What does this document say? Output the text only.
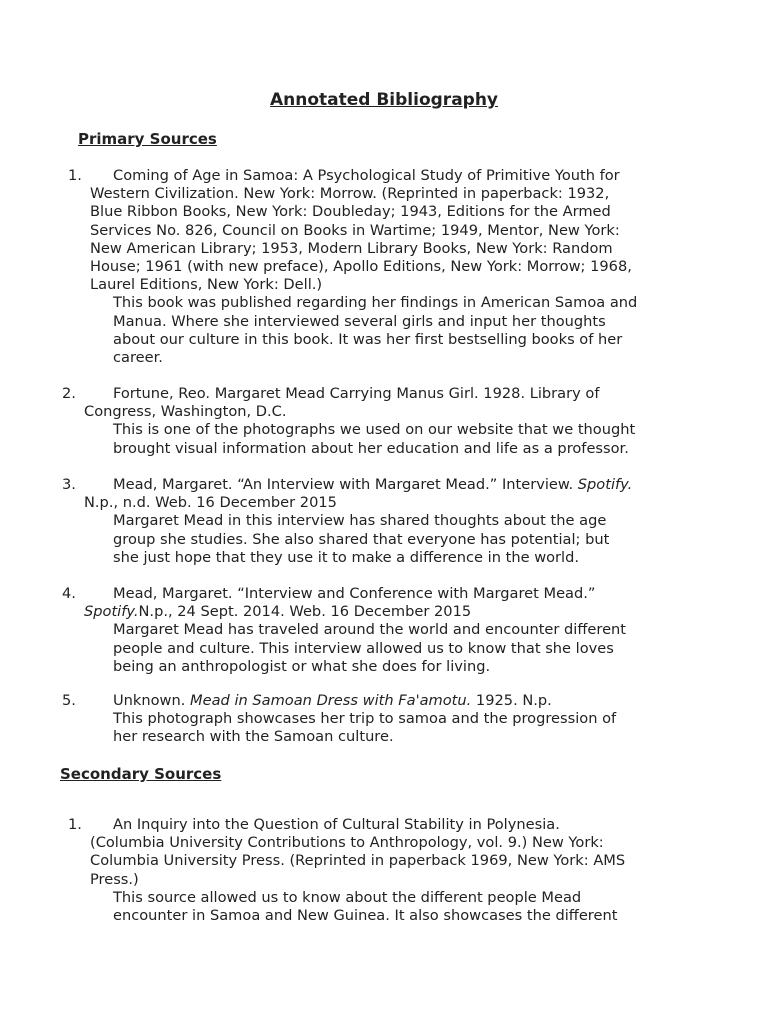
Annotated Bibliography
Primary Sources
1.	Coming of Age in Samoa: A Psychological Study of Primitive Youth for
Western Civilization. New York: Morrow. (Reprinted in paperback: 1932,
Blue Ribbon Books, New York: Doubleday; 1943, Editions for the Armed
Services No. 826, Council on Books in Wartime; 1949, Mentor, New York:
New American Library; 1953, Modern Library Books, New York: Random
House; 1961 (with new preface), Apollo Editions, New York: Morrow; 1968,
Laurel Editions, New York: Dell.)
This book was published regarding her findings in American Samoa and
Manua. Where she interviewed several girls and input her thoughts
about our culture in this book. It was her first bestselling books of her
career.
2.	Fortune, Reo. Margaret Mead Carrying Manus Girl. 1928. Library of
Congress, Washington, D.C.
This is one of the photographs we used on our website that we thought
brought visual information about her education and life as a professor.
3.	Mead, Margaret. “An Interview with Margaret Mead.” Interview. Spotify.
N.p., n.d. Web. 16 December 2015
Margaret Mead in this interview has shared thoughts about the age
group she studies. She also shared that everyone has potential; but
she just hope that they use it to make a difference in the world.
4.	Mead, Margaret. “Interview and Conference with Margaret Mead.”
Spotify.N.p., 24 Sept. 2014. Web. 16 December 2015
Margaret Mead has traveled around the world and encounter different
people and culture. This interview allowed us to know that she loves
being an anthropologist or what she does for living.
5.	Unknown. Mead in Samoan Dress with Fa'amotu. 1925. N.p.
This photograph showcases her trip to samoa and the progression of
her research with the Samoan culture.
Secondary Sources
1.	An Inquiry into the Question of Cultural Stability in Polynesia.
(Columbia University Contributions to Anthropology, vol. 9.) New York:
Columbia University Press. (Reprinted in paperback 1969, New York: AMS
Press.)
This source allowed us to know about the different people Mead
encounter in Samoa and New Guinea. It also showcases the different
